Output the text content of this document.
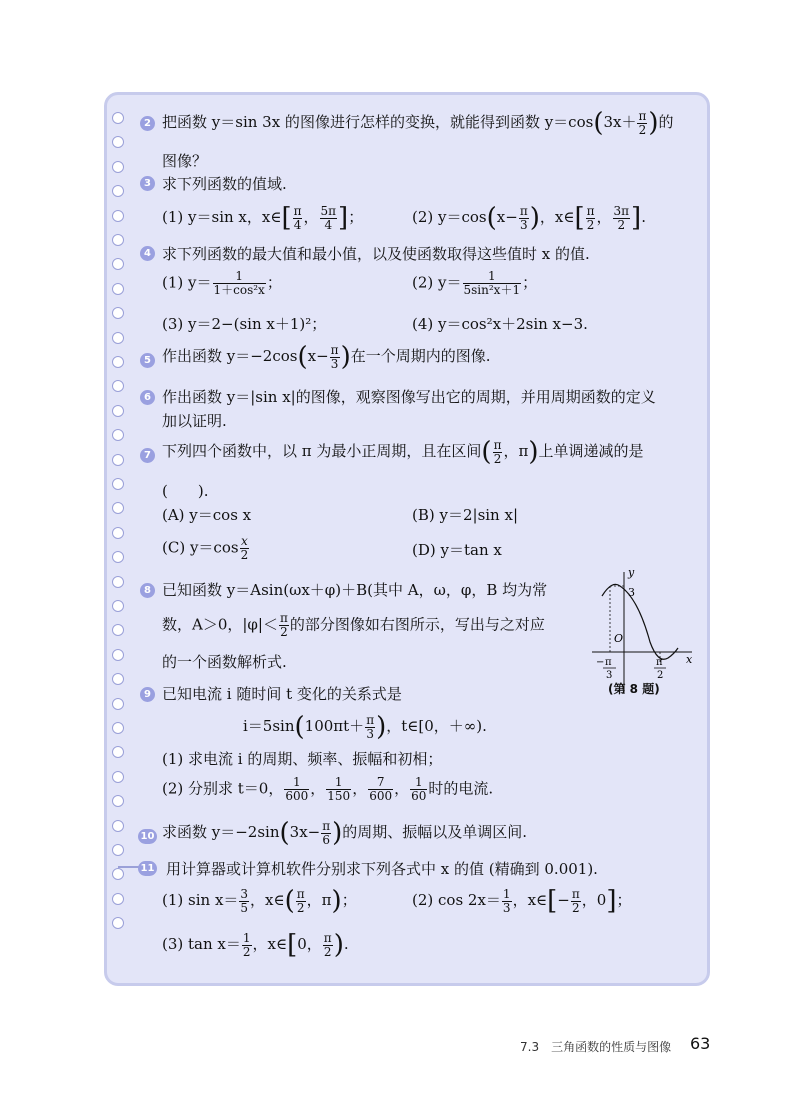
2 把函数 y＝sin 3x 的图像进行怎样的变换，就能得到函数 $y=\cos(3x+ \frac{\pi}{2}$ )的
图像？
3 求下列函数的值域.
(1) y＝sin x，x∈[ $\frac{\pi}{4}$ ， $\frac{5\pi}{4}$ ]；	(2) $y=\cos(x- \frac{\pi}{3}$ )，x∈[ $\frac{\pi}{2}$ ， $\frac{3\pi}{2}$ ].
4 求下列函数的最大值和最小值，以及使函数取得这些值时 x 的值.
(1) $y= \frac{1}{\text{1＋cos²x}}$ ；	(2) $y= \frac{1}{\text{5sin²x＋1}}$ ；
(3) y＝2−(sin x＋1)²；	(4) y＝cos²x＋2sin x−3.
5 作出函数 $y=-2\cos(x- \frac{\pi}{3}$ )在一个周期内的图像.
6 作出函数 y＝|sin x|的图像，观察图像写出它的周期，并用周期函数的定义
加以证明.
7 下列四个函数中，以 π 为最小正周期，且在区间( $\frac{\pi}{2}$ ，π)上单调递减的是
(　　).
(A) y＝cos x	(B) y＝2|sin x|
(C) $y=\cos \frac{x}{2}$	(D) y＝tan x
8 已知函数 y＝Asin(ωx＋φ)＋B(其中 A，ω，φ，B 均为常
数，A＞0，$|\varphi|< \frac{\pi}{2}$ 的部分图像如右图所示，写出与之对应
的一个函数解析式.
y
x
O
3
− π
3
π
2
(第 8 题)
9 已知电流 i 随时间 t 变化的关系式是
$i=5\sin(100\pi t+ \frac{\pi}{3}$ )，t∈[0，＋∞).
(1) 求电流 i 的周期、频率、振幅和初相；
(2) 分别求 t＝0， $\frac{1}{600}$ ， $\frac{1}{150}$ ， $\frac{7}{600}$ ， $\frac{1}{60}$ 时的电流.
10 求函数 $y=-2\sin(3x- \frac{\pi}{6}$ )的周期、振幅以及单调区间.
11 用计算器或计算机软件分别求下列各式中 x 的值 (精确到 0.001).
(1) $\sin x= \frac{3}{5}$ ，x∈( $\frac{\pi}{2}$ ，π)；	(2) $\cos 2x= \frac{1}{3}$ ，x∈[− $\frac{\pi}{2}$ ，0]；
(3) $\tan x= \frac{1}{2}$ ，x∈[0， $\frac{\pi}{2}$ ).
7.3　三角函数的性质与图像 63
